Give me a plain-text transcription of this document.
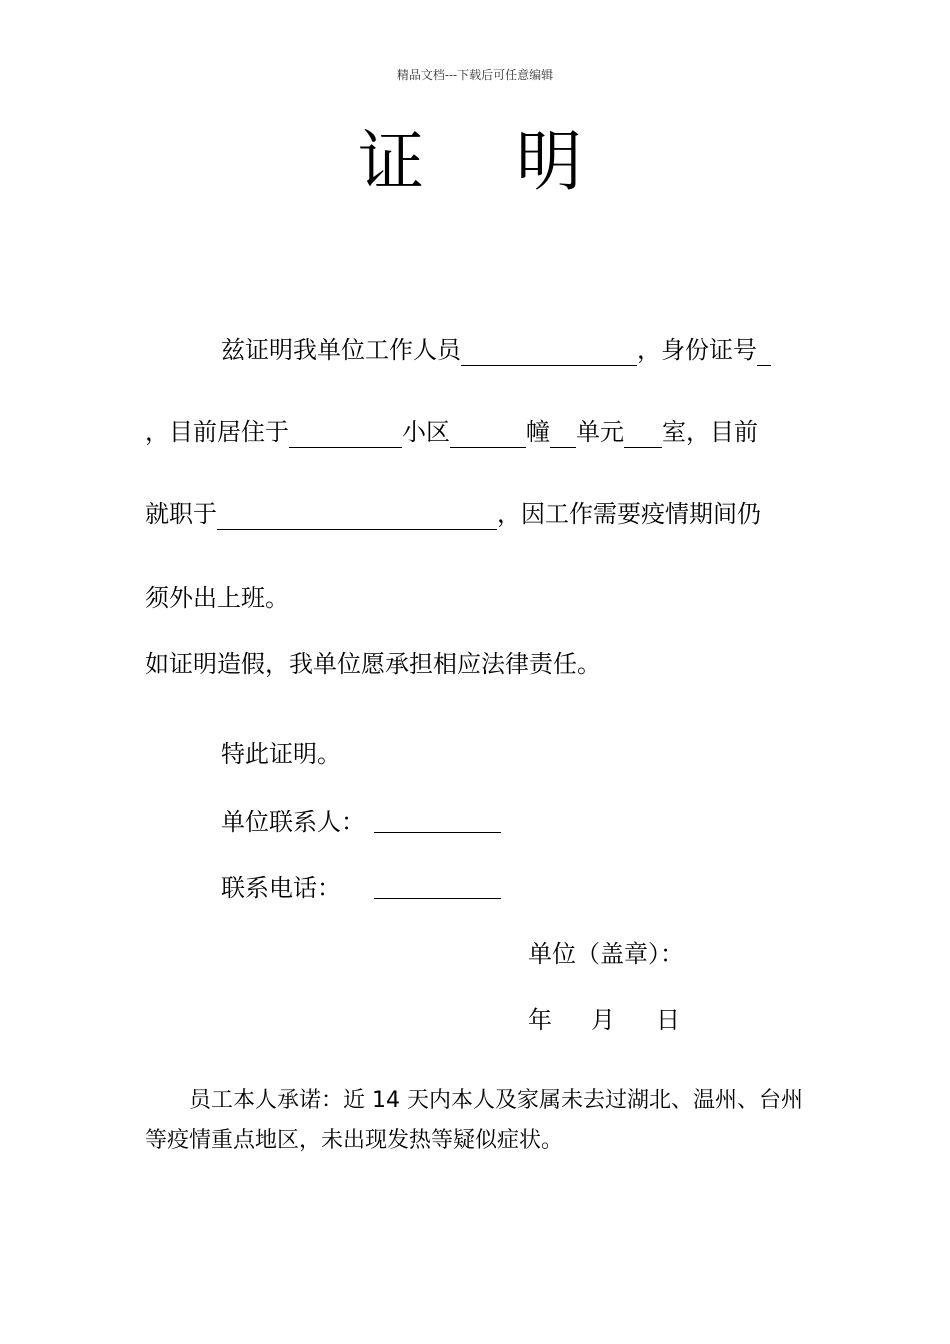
精品文档---下载后可任意编辑
证明
兹证明我单位工作人员	，身份证号
，目前居住于	小区	幢 单元 室，目前
就职于	，因工作需要疫情期间仍
须外出上班。
如证明造假，我单位愿承担相应法律责任。
特此证明。
单位联系人：
联系电话：
单位（盖章）：
年 月 日
员工本人承诺：近 14 天内本人及家属未去过湖北、温州、台州
等疫情重点地区，未出现发热等疑似症状。
